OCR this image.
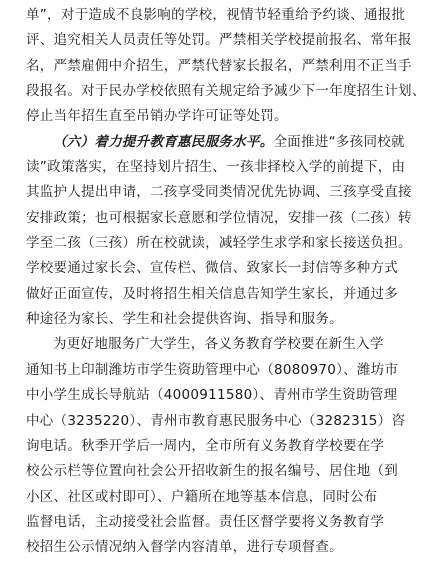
单”，对于造成不良影响的学校，视情节轻重给予约谈、通报批
评、追究相关人员责任等处罚。严禁相关学校提前报名、常年报
名，严禁雇佣中介招生，严禁代替家长报名，严禁利用不正当手
段报名。对于民办学校依照有关规定给予减少下一年度招生计划、
停止当年招生直至吊销办学许可证等处罚。
（六）着力提升教育惠民服务水平。全面推进“多孩同校就
读”政策落实，在坚持划片招生、一孩非择校入学的前提下，由
其监护人提出申请，二孩享受同类情况优先协调、三孩享受直接
安排政策；也可根据家长意愿和学位情况，安排一孩（二孩）转
学至二孩（三孩）所在校就读，减轻学生求学和家长接送负担。
学校要通过家长会、宣传栏、微信、致家长一封信等多种方式
做好正面宣传，及时将招生相关信息告知学生家长，并通过多
种途径为家长、学生和社会提供咨询、指导和服务。
为更好地服务广大学生，各义务教育学校要在新生入学
通知书上印制潍坊市学生资助管理中心（8080970）、潍坊市
中小学生成长导航站（4000911580）、青州市学生资助管理
中心（3235220）、青州市教育惠民服务中心（3282315）咨
询电话。秋季开学后一周内，全市所有义务教育学校要在学
校公示栏等位置向社会公开招收新生的报名编号、居住地（到
小区、社区或村即可）、户籍所在地等基本信息，同时公布
监督电话，主动接受社会监督。责任区督学要将义务教育学
校招生公示情况纳入督学内容清单，进行专项督查。
